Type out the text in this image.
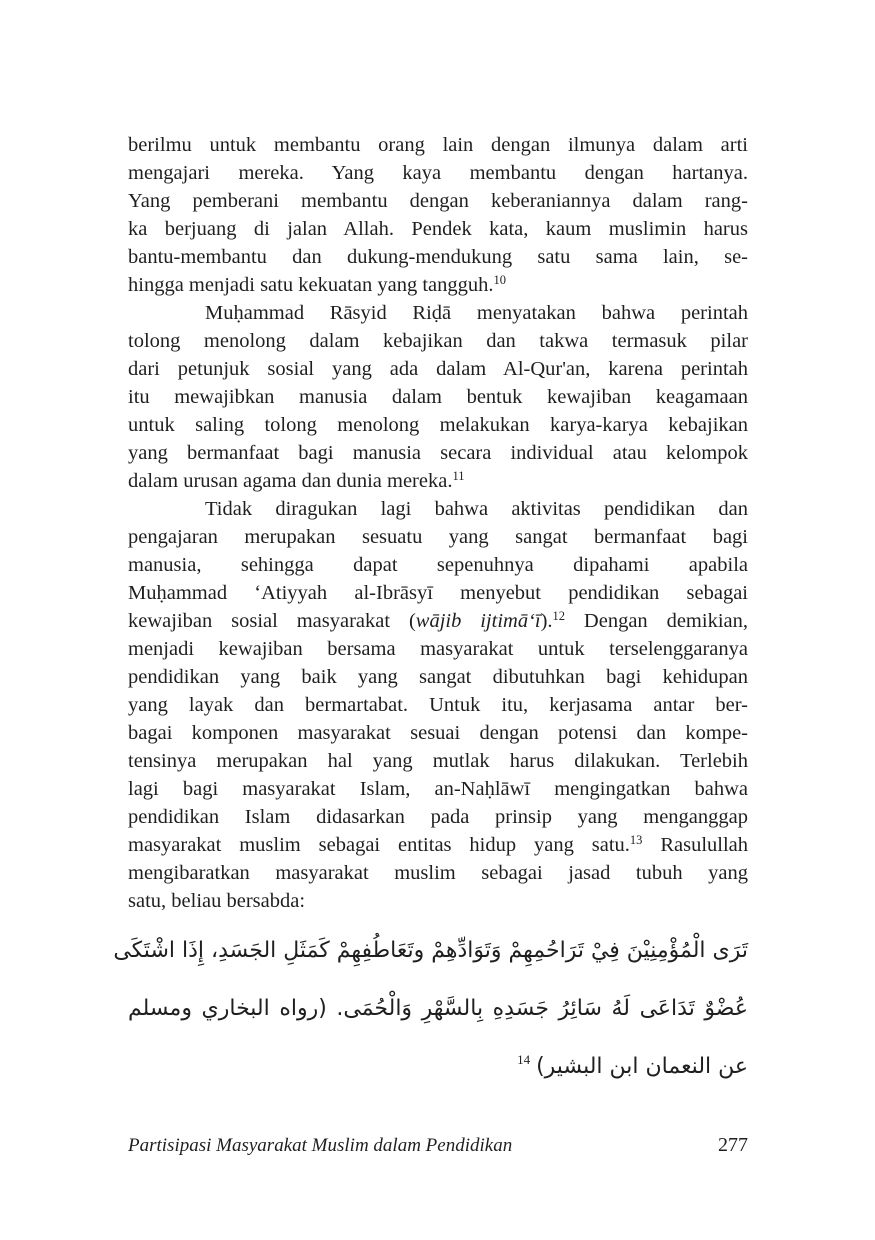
berilmu untuk membantu orang lain dengan ilmunya dalam arti
mengajari mereka. Yang kaya membantu dengan hartanya.
Yang pemberani membantu dengan keberaniannya dalam rang-
ka berjuang di jalan Allah. Pendek kata, kaum muslimin harus
bantu-membantu dan dukung-mendukung satu sama lain, se-
hingga menjadi satu kekuatan yang tangguh.$^{10}$
Muḥammad Rāsyid Riḍā menyatakan bahwa perintah
tolong menolong dalam kebajikan dan takwa termasuk pilar
dari petunjuk sosial yang ada dalam Al-Qur'an, karena perintah
itu mewajibkan manusia dalam bentuk kewajiban keagamaan
untuk saling tolong menolong melakukan karya-karya kebajikan
yang bermanfaat bagi manusia secara individual atau kelompok
dalam urusan agama dan dunia mereka.$^{11}$
Tidak diragukan lagi bahwa aktivitas pendidikan dan
pengajaran merupakan sesuatu yang sangat bermanfaat bagi
manusia, sehingga dapat sepenuhnya dipahami apabila
Muḥammad ‘Atiyyah al-Ibrāsyī menyebut pendidikan sebagai
kewajiban sosial masyarakat (wājib ijtimā‘ī).$^{12}$ Dengan demikian,
menjadi kewajiban bersama masyarakat untuk terselenggaranya
pendidikan yang baik yang sangat dibutuhkan bagi kehidupan
yang layak dan bermartabat. Untuk itu, kerjasama antar ber-
bagai komponen masyarakat sesuai dengan potensi dan kompe-
tensinya merupakan hal yang mutlak harus dilakukan. Terlebih
lagi bagi masyarakat Islam, an-Naḥlāwī mengingatkan bahwa
pendidikan Islam didasarkan pada prinsip yang menganggap
masyarakat muslim sebagai entitas hidup yang satu.$^{13}$ Rasulullah
mengibaratkan masyarakat muslim sebagai jasad tubuh yang
satu, beliau bersabda:
تَرَى الْمُؤْمِنِيْنَ فِيْ تَرَاحُمِهِمْ وَتَوَادِّهِمْ وتَعَاطُفِهِمْ كَمَثَلِ الجَسَدِ، إِذَا اشْتَكَى
عُضْوٌ تَدَاعَى لَهُ سَائِرُ جَسَدِهِ بِالسَّهْرِ وَالْحُمَى. (رواه البخاري ومسلم
عن النعمان ابن البشير)$^{14}$
Partisipasi Masyarakat Muslim dalam Pendidikan	277
